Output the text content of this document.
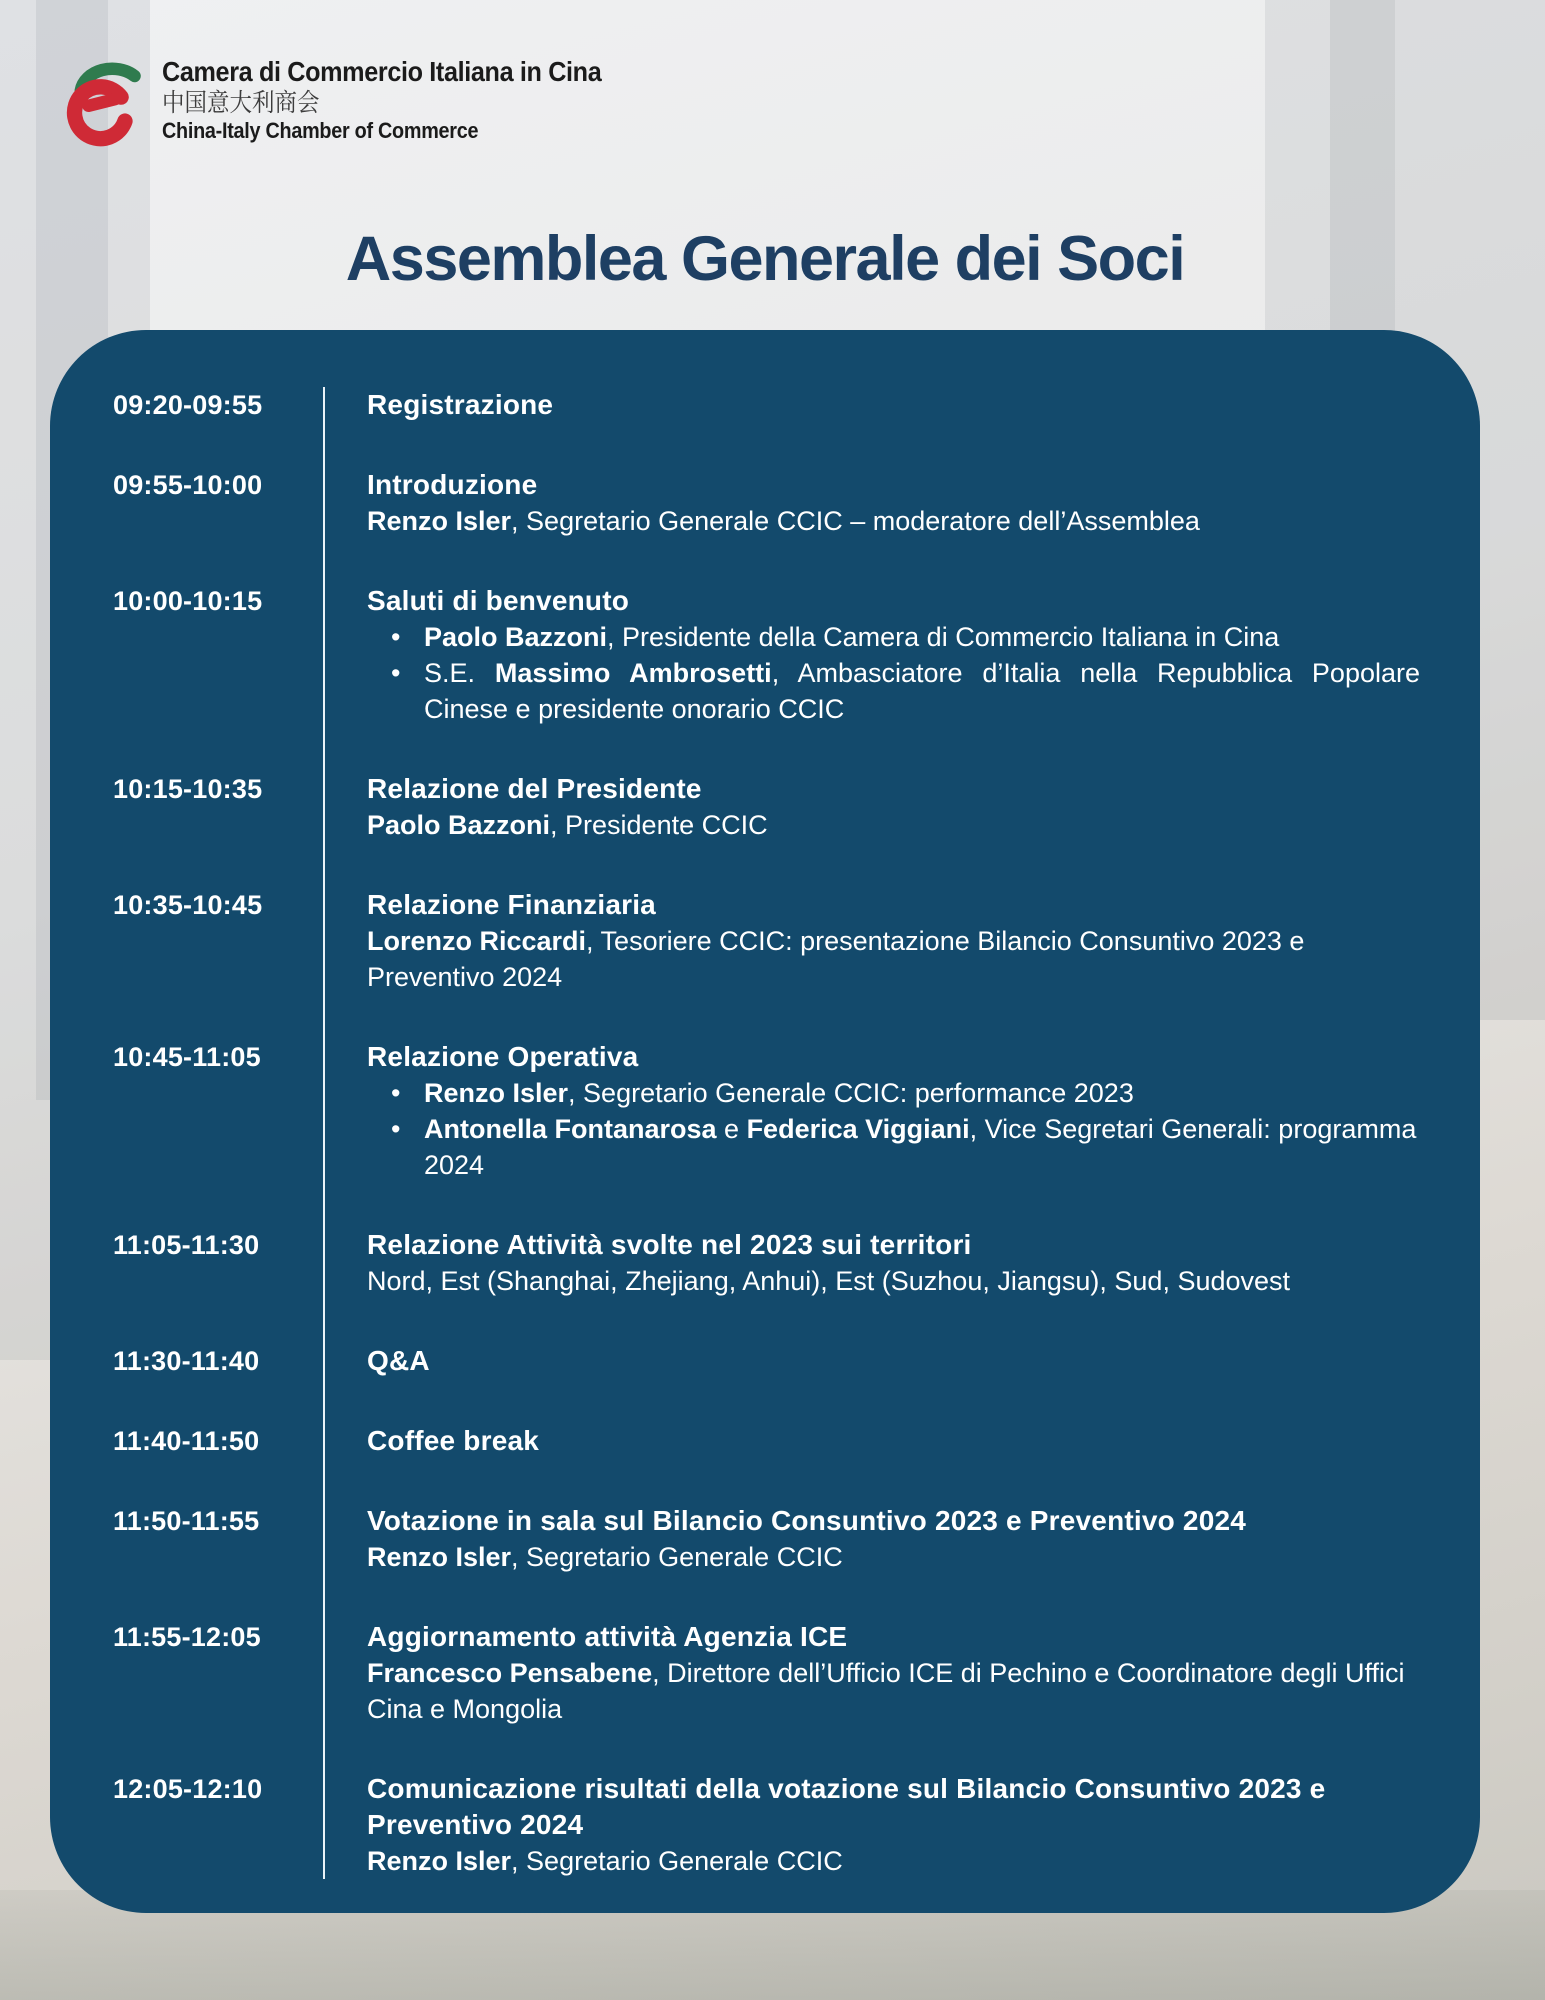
Camera di Commercio Italiana in Cina
中国意大利商会
China-Italy Chamber of Commerce
Assemblea Generale dei Soci
09:20-09:55	Registrazione
09:55-10:00	Introduzione
Renzo Isler, Segretario Generale CCIC – moderatore dell’Assemblea
10:00-10:15	Saluti di benvenuto
• Paolo Bazzoni, Presidente della Camera di Commercio Italiana in Cina
• S.E. Massimo Ambrosetti, Ambasciatore d’Italia nella Repubblica Popolare Cinese e presidente onorario CCIC
10:15-10:35	Relazione del Presidente
Paolo Bazzoni, Presidente CCIC
10:35-10:45	Relazione Finanziaria
Lorenzo Riccardi, Tesoriere CCIC: presentazione Bilancio Consuntivo 2023 e Preventivo 2024
10:45-11:05	Relazione Operativa
• Renzo Isler, Segretario Generale CCIC: performance 2023
• Antonella Fontanarosa e Federica Viggiani, Vice Segretari Generali: programma 2024
11:05-11:30	Relazione Attività svolte nel 2023 sui territori
Nord, Est (Shanghai, Zhejiang, Anhui), Est (Suzhou, Jiangsu), Sud, Sudovest
11:30-11:40	Q&A
11:40-11:50	Coffee break
11:50-11:55	Votazione in sala sul Bilancio Consuntivo 2023 e Preventivo 2024
Renzo Isler, Segretario Generale CCIC
11:55-12:05	Aggiornamento attività Agenzia ICE
Francesco Pensabene, Direttore dell’Ufficio ICE di Pechino e Coordinatore degli Uffici Cina e Mongolia
12:05-12:10	Comunicazione risultati della votazione sul Bilancio Consuntivo 2023 e Preventivo 2024
Renzo Isler, Segretario Generale CCIC
